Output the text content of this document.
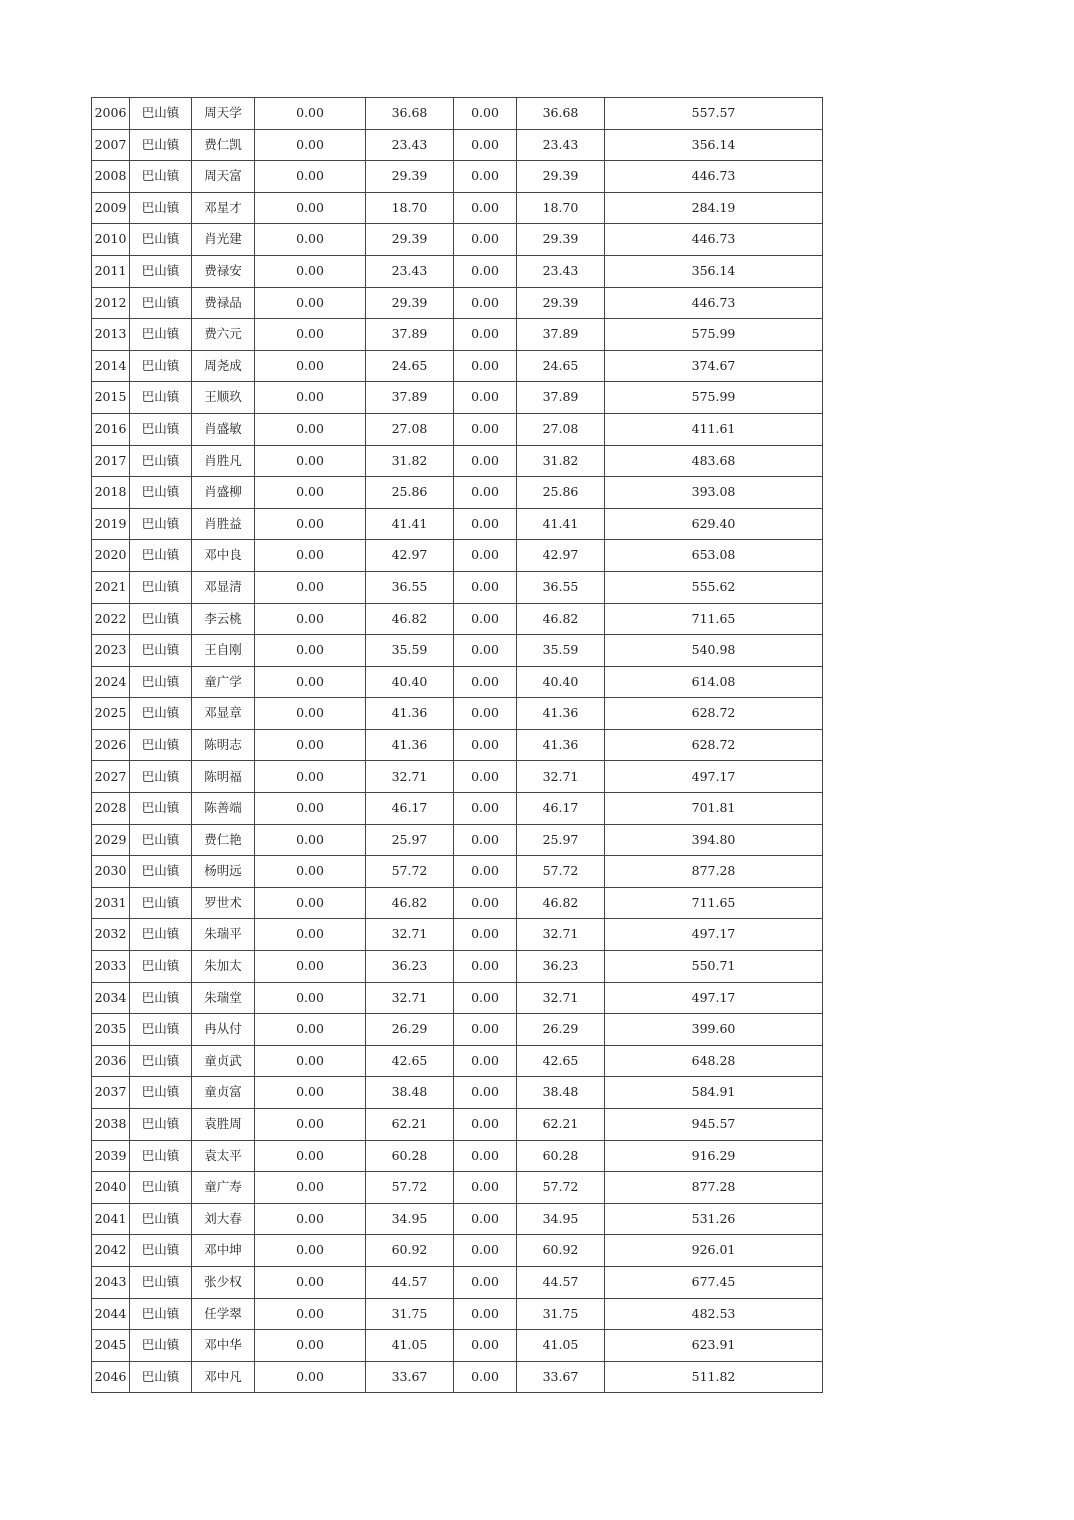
2006	巴山镇	周天学	0.00	36.68	0.00	36.68	557.57
2007	巴山镇	费仁凯	0.00	23.43	0.00	23.43	356.14
2008	巴山镇	周天富	0.00	29.39	0.00	29.39	446.73
2009	巴山镇	邓星才	0.00	18.70	0.00	18.70	284.19
2010	巴山镇	肖光建	0.00	29.39	0.00	29.39	446.73
2011	巴山镇	费禄安	0.00	23.43	0.00	23.43	356.14
2012	巴山镇	费禄品	0.00	29.39	0.00	29.39	446.73
2013	巴山镇	费六元	0.00	37.89	0.00	37.89	575.99
2014	巴山镇	周尧成	0.00	24.65	0.00	24.65	374.67
2015	巴山镇	王顺玖	0.00	37.89	0.00	37.89	575.99
2016	巴山镇	肖盛敏	0.00	27.08	0.00	27.08	411.61
2017	巴山镇	肖胜凡	0.00	31.82	0.00	31.82	483.68
2018	巴山镇	肖盛柳	0.00	25.86	0.00	25.86	393.08
2019	巴山镇	肖胜益	0.00	41.41	0.00	41.41	629.40
2020	巴山镇	邓中良	0.00	42.97	0.00	42.97	653.08
2021	巴山镇	邓显清	0.00	36.55	0.00	36.55	555.62
2022	巴山镇	李云桃	0.00	46.82	0.00	46.82	711.65
2023	巴山镇	王自刚	0.00	35.59	0.00	35.59	540.98
2024	巴山镇	童广学	0.00	40.40	0.00	40.40	614.08
2025	巴山镇	邓显章	0.00	41.36	0.00	41.36	628.72
2026	巴山镇	陈明志	0.00	41.36	0.00	41.36	628.72
2027	巴山镇	陈明福	0.00	32.71	0.00	32.71	497.17
2028	巴山镇	陈善端	0.00	46.17	0.00	46.17	701.81
2029	巴山镇	费仁艳	0.00	25.97	0.00	25.97	394.80
2030	巴山镇	杨明远	0.00	57.72	0.00	57.72	877.28
2031	巴山镇	罗世术	0.00	46.82	0.00	46.82	711.65
2032	巴山镇	朱瑞平	0.00	32.71	0.00	32.71	497.17
2033	巴山镇	朱加太	0.00	36.23	0.00	36.23	550.71
2034	巴山镇	朱瑞堂	0.00	32.71	0.00	32.71	497.17
2035	巴山镇	冉从付	0.00	26.29	0.00	26.29	399.60
2036	巴山镇	童贞武	0.00	42.65	0.00	42.65	648.28
2037	巴山镇	童贞富	0.00	38.48	0.00	38.48	584.91
2038	巴山镇	袁胜周	0.00	62.21	0.00	62.21	945.57
2039	巴山镇	袁太平	0.00	60.28	0.00	60.28	916.29
2040	巴山镇	童广寿	0.00	57.72	0.00	57.72	877.28
2041	巴山镇	刘大春	0.00	34.95	0.00	34.95	531.26
2042	巴山镇	邓中坤	0.00	60.92	0.00	60.92	926.01
2043	巴山镇	张少权	0.00	44.57	0.00	44.57	677.45
2044	巴山镇	任学翠	0.00	31.75	0.00	31.75	482.53
2045	巴山镇	邓中华	0.00	41.05	0.00	41.05	623.91
2046	巴山镇	邓中凡	0.00	33.67	0.00	33.67	511.82
